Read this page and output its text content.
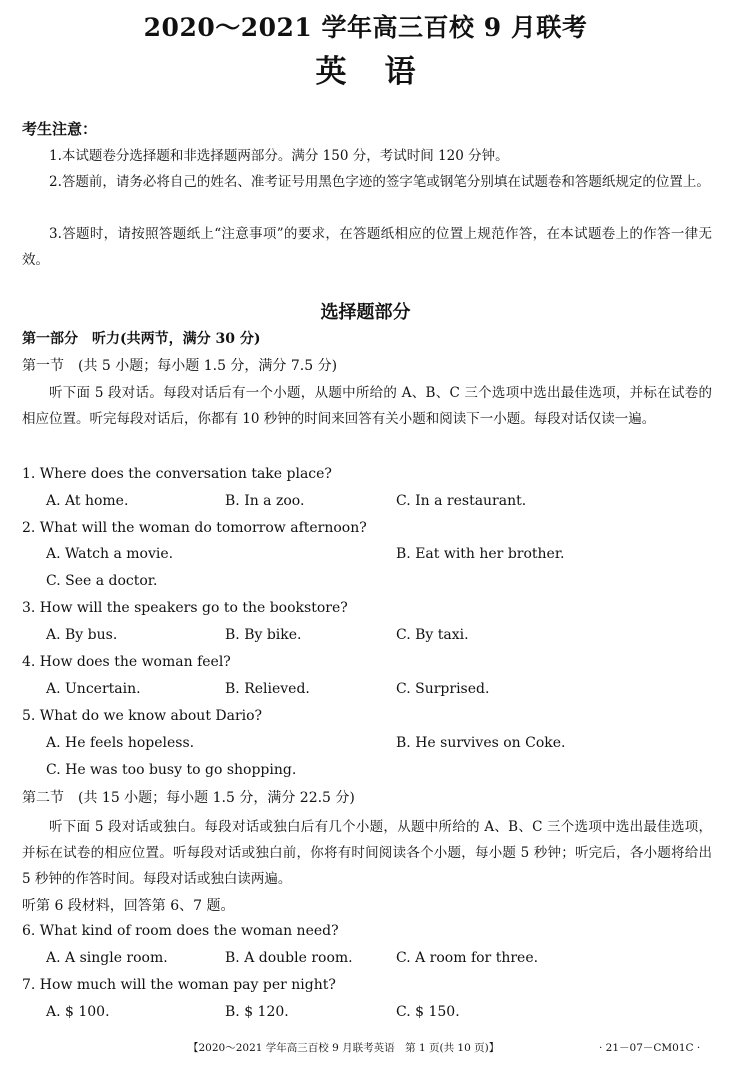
2020～2021 学年高三百校 9 月联考
英语
考生注意：
1.本试题卷分选择题和非选择题两部分。满分 150 分，考试时间 120 分钟。
2.答题前，请务必将自己的姓名、准考证号用黑色字迹的签字笔或钢笔分别填在试题卷和答题纸规定的位置上。
3.答题时，请按照答题纸上“注意事项”的要求，在答题纸相应的位置上规范作答，在本试题卷上的作答一律无效。
选择题部分
第一部分　听力(共两节，满分 30 分)
第一节　(共 5 小题；每小题 1.5 分，满分 7.5 分)
听下面 5 段对话。每段对话后有一个小题，从题中所给的 A、B、C 三个选项中选出最佳选项，并标在试卷的相应位置。听完每段对话后，你都有 10 秒钟的时间来回答有关小题和阅读下一小题。每段对话仅读一遍。
1. Where does the conversation take place?
A. At home.	B. In a zoo.	C. In a restaurant.
2. What will the woman do tomorrow afternoon?
A. Watch a movie.	B. Eat with her brother.
C. See a doctor.
3. How will the speakers go to the bookstore?
A. By bus.	B. By bike.	C. By taxi.
4. How does the woman feel?
A. Uncertain.	B. Relieved.	C. Surprised.
5. What do we know about Dario?
A. He feels hopeless.	B. He survives on Coke.
C. He was too busy to go shopping.
第二节　(共 15 小题；每小题 1.5 分，满分 22.5 分)
听下面 5 段对话或独白。每段对话或独白后有几个小题，从题中所给的 A、B、C 三个选项中选出最佳选项，并标在试卷的相应位置。听每段对话或独白前，你将有时间阅读各个小题，每小题 5 秒钟；听完后，各小题将给出 5 秒钟的作答时间。每段对话或独白读两遍。
听第 6 段材料，回答第 6、7 题。
6. What kind of room does the woman need?
A. A single room.	B. A double room.	C. A room for three.
7. How much will the woman pay per night?
A. $ 100.	B. $ 120.	C. $ 150.
【2020～2021 学年高三百校 9 月联考英语　第 1 页(共 10 页)】	· 21－07－CM01C ·
